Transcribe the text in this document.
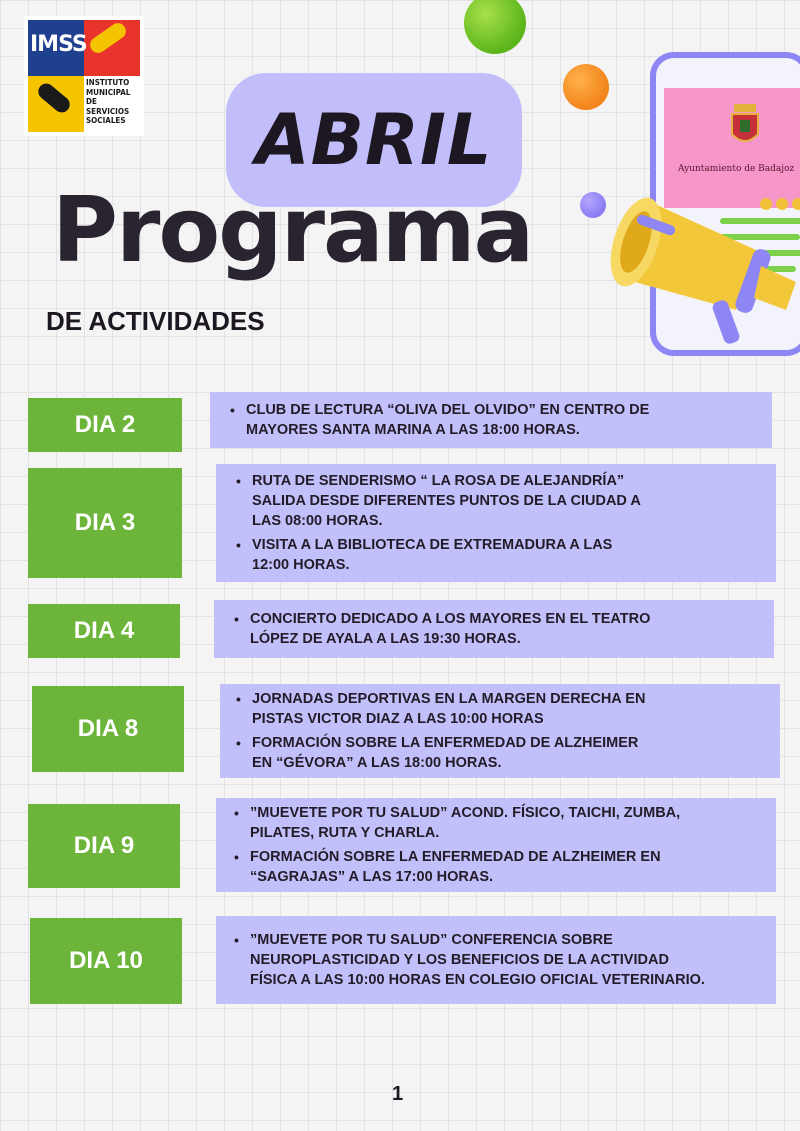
IMSS
INSTITUTO
MUNICIPAL
DE SERVICIOS
SOCIALES ABRIL
Programa
DE ACTIVIDADES
Ayuntamiento de Badajoz
DIA 2
• CLUB DE LECTURA “OLIVA DEL OLVIDO” EN CENTRO DE
MAYORES SANTA MARINA A LAS 18:00 HORAS.
DIA 3
• RUTA DE SENDERISMO “ LA ROSA DE ALEJANDRÍA”
SALIDA DESDE DIFERENTES PUNTOS DE LA CIUDAD A
LAS 08:00 HORAS.
• VISITA A LA BIBLIOTECA DE EXTREMADURA A LAS
12:00 HORAS.
DIA 4
•	CONCIERTO DEDICADO A LOS MAYORES EN EL TEATRO
LÓPEZ DE AYALA A LAS 19:30 HORAS.
DIA 8
• JORNADAS DEPORTIVAS EN LA MARGEN DERECHA EN
PISTAS VICTOR DIAZ A LAS 10:00 HORAS
• FORMACIÓN SOBRE LA ENFERMEDAD DE ALZHEIMER
EN “GÉVORA” A LAS 18:00 HORAS.
DIA 9
• ”MUEVETE POR TU SALUD” ACOND. FÍSICO, TAICHI, ZUMBA,
PILATES, RUTA Y CHARLA.
• FORMACIÓN SOBRE LA ENFERMEDAD DE ALZHEIMER EN
“SAGRAJAS” A LAS 17:00 HORAS.
DIA 10
• ”MUEVETE POR TU SALUD” CONFERENCIA SOBRE
NEUROPLASTICIDAD Y LOS BENEFICIOS DE LA ACTIVIDAD
FÍSICA A LAS 10:00 HORAS EN COLEGIO OFICIAL VETERINARIO.
1
